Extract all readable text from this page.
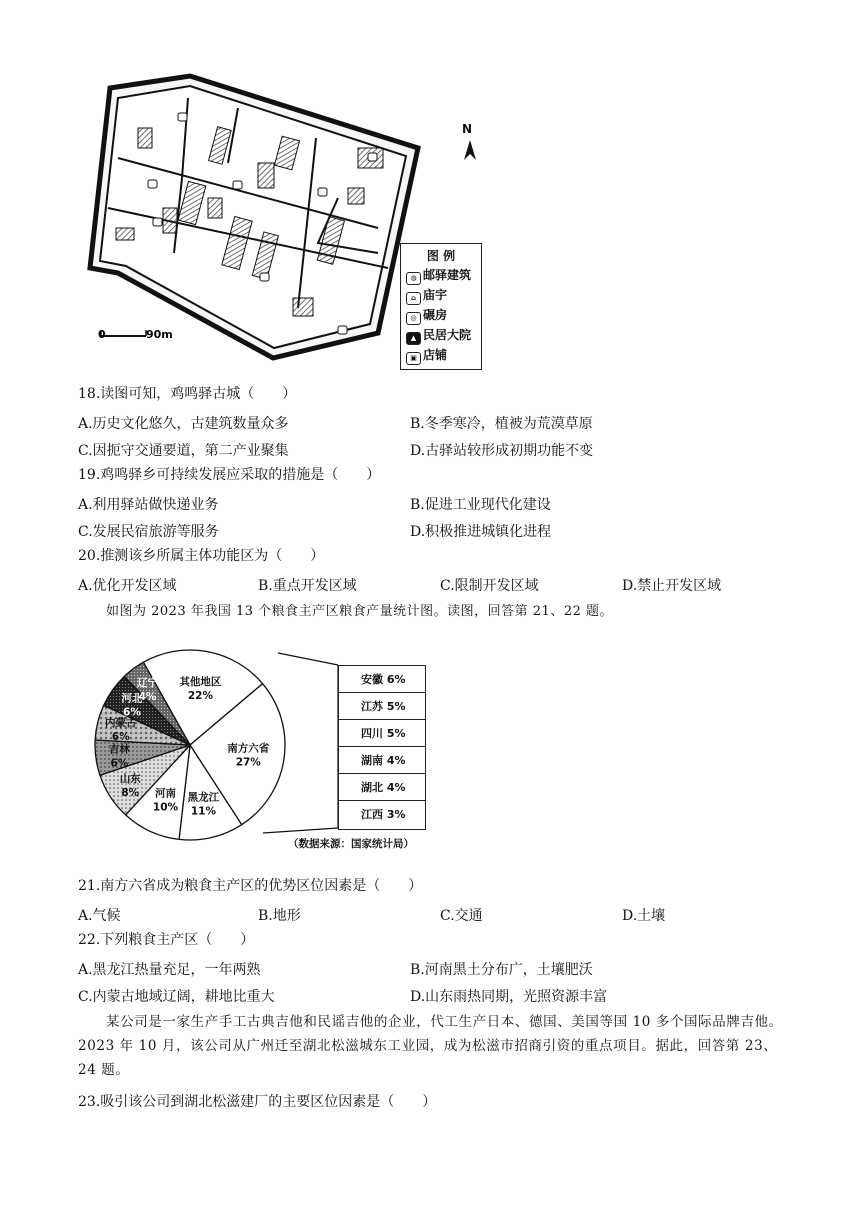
0	90m
N
图 例
◍ 邮驿建筑
⌂ 庙宇
◎ 碾房
▲ 民居大院
▣ 店铺
18.读图可知，鸡鸣驿古城（　　）
A.历史文化悠久，古建筑数量众多	B.冬季寒冷，植被为荒漠草原
C.因扼守交通要道，第二产业聚集	D.古驿站较形成初期功能不变
19.鸡鸣驿乡可持续发展应采取的措施是（　　）
A.利用驿站做快递业务	B.促进工业现代化建设
C.发展民宿旅游等服务	D.积极推进城镇化进程
20.推测该乡所属主体功能区为（　　）
A.优化开发区域	B.重点开发区域	C.限制开发区域	D.禁止开发区域
如图为 2023 年我国 13 个粮食主产区粮食产量统计图。读图，回答第 21、22 题。
其他地区
22%
南方六省
27%
黑龙江
11%
河南
10%
山东
8%
吉林
6%
内蒙古
6%
河北
6%
辽宁
4%
安徽 6%
江苏 5%
四川 5%
湖南 4%
湖北 4%
江西 3%
（数据来源：国家统计局）
21.南方六省成为粮食主产区的优势区位因素是（　　）
A.气候	B.地形	C.交通	D.土壤
22.下列粮食主产区（　　）
A.黑龙江热量充足，一年两熟	B.河南黑土分布广，土壤肥沃
C.内蒙古地域辽阔，耕地比重大	D.山东雨热同期，光照资源丰富
某公司是一家生产手工古典吉他和民谣吉他的企业，代工生产日本、德国、美国等国 10 多个国际品牌吉他。2023 年 10 月，该公司从广州迁至湖北松滋城东工业园，成为松滋市招商引资的重点项目。据此，回答第 23、24 题。
23.吸引该公司到湖北松滋建厂的主要区位因素是（　　）
